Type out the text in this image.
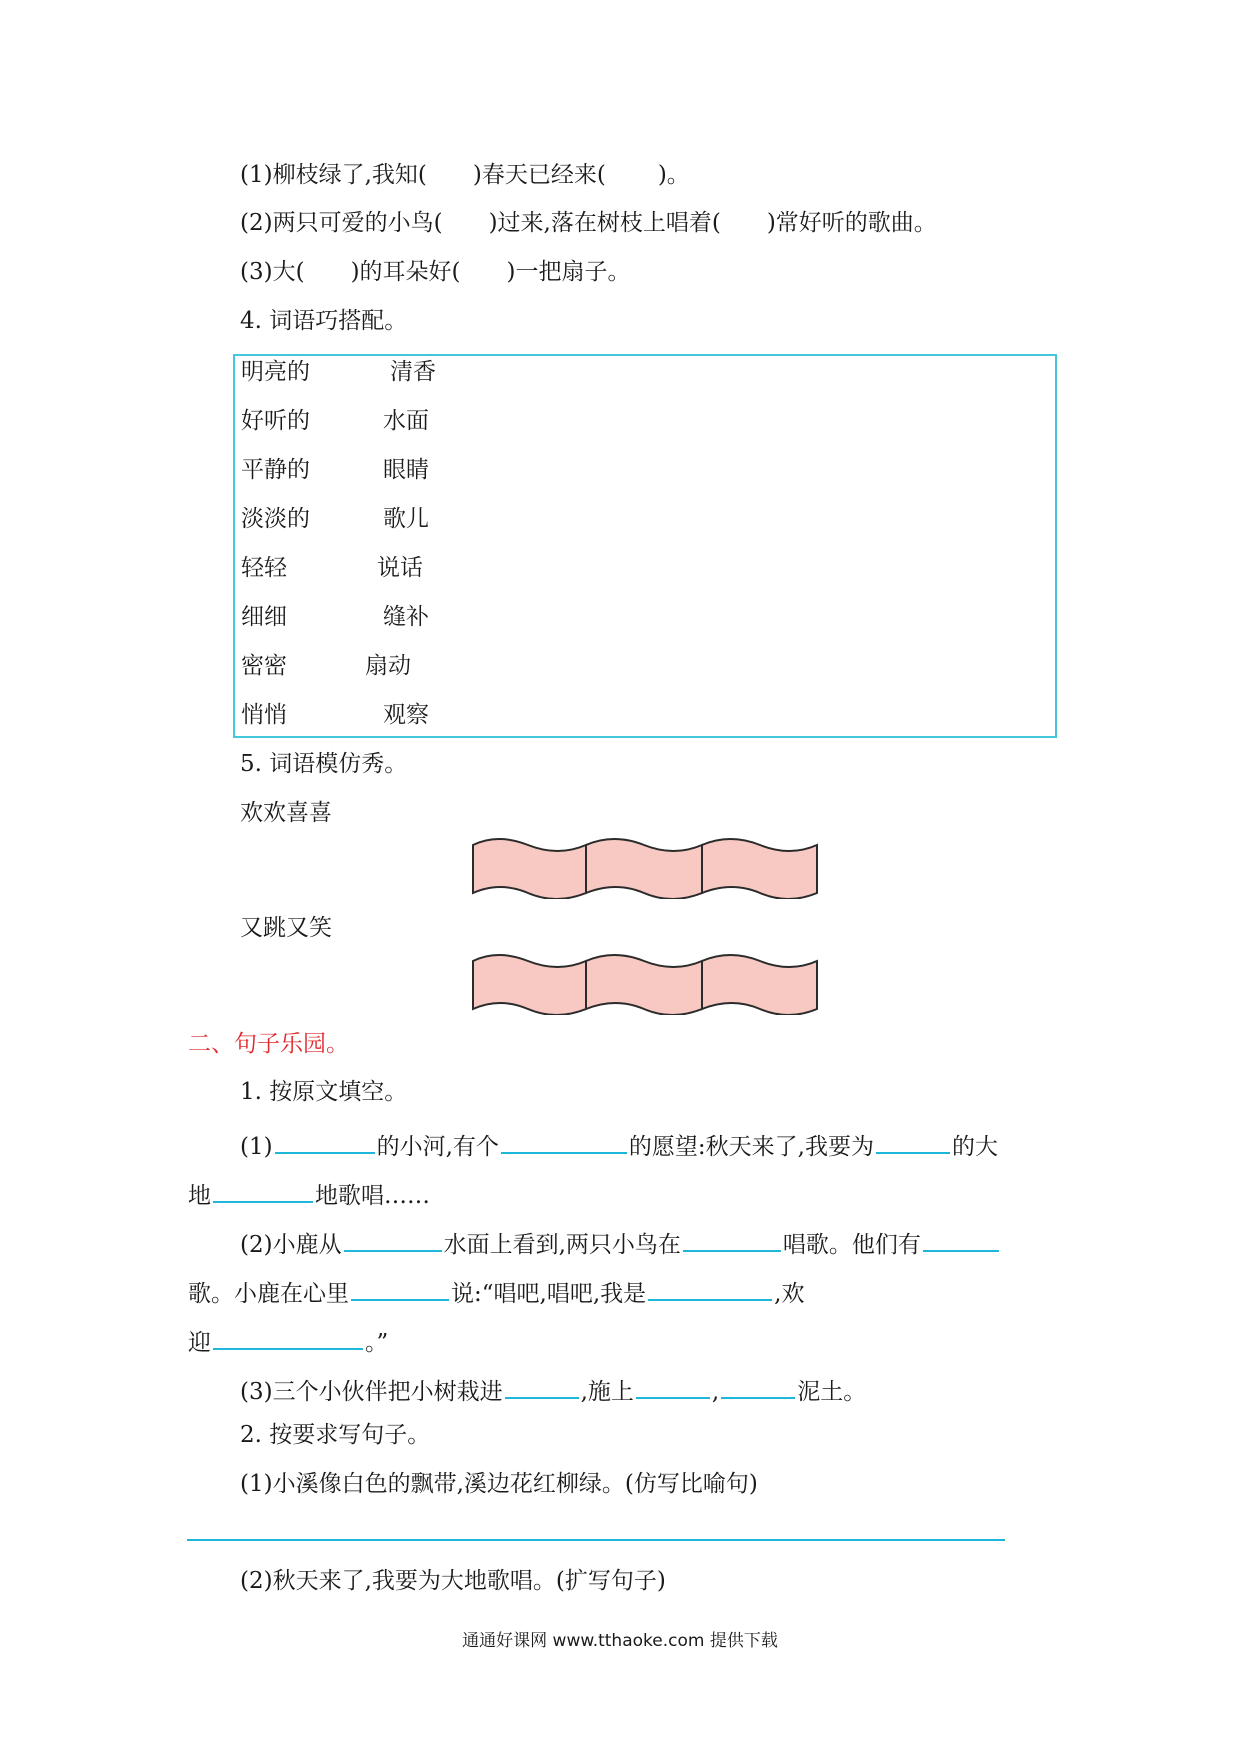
(1)柳枝绿了,我知( )春天已经来( )。
(2)两只可爱的小鸟( )过来,落在树枝上唱着( )常好听的歌曲。
(3)大( )的耳朵好( )一把扇子。
4. 词语巧搭配。
明亮的	清香
好听的	水面
平静的	眼睛
淡淡的	歌儿
轻轻	说话
细细	缝补
密密	扇动
悄悄	观察
5. 词语模仿秀。
欢欢喜喜
又跳又笑
二、句子乐园。
1. 按原文填空。
(1)	的小河,有个	的愿望:秋天来了,我要为	的大
地	地歌唱……
(2)小鹿从	水面上看到,两只小鸟在	唱歌。他们有
歌。小鹿在心里	说:“唱吧,唱吧,我是	,欢
迎	。”
(3)三个小伙伴把小树栽进	,施上	,	泥土。
2. 按要求写句子。
(1)小溪像白色的飘带,溪边花红柳绿。(仿写比喻句)
(2)秋天来了,我要为大地歌唱。(扩写句子)
通通好课网 www.tthaoke.com 提供下载
